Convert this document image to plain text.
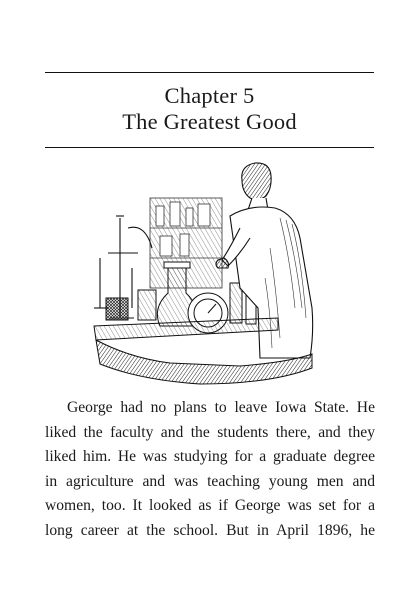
Chapter 5
The Greatest Good
George had no plans to leave Iowa State. He
liked the faculty and the students there, and they
liked him. He was studying for a graduate degree
in agriculture and was teaching young men and
women, too. It looked as if George was set for a
long career at the school. But in April 1896, he
